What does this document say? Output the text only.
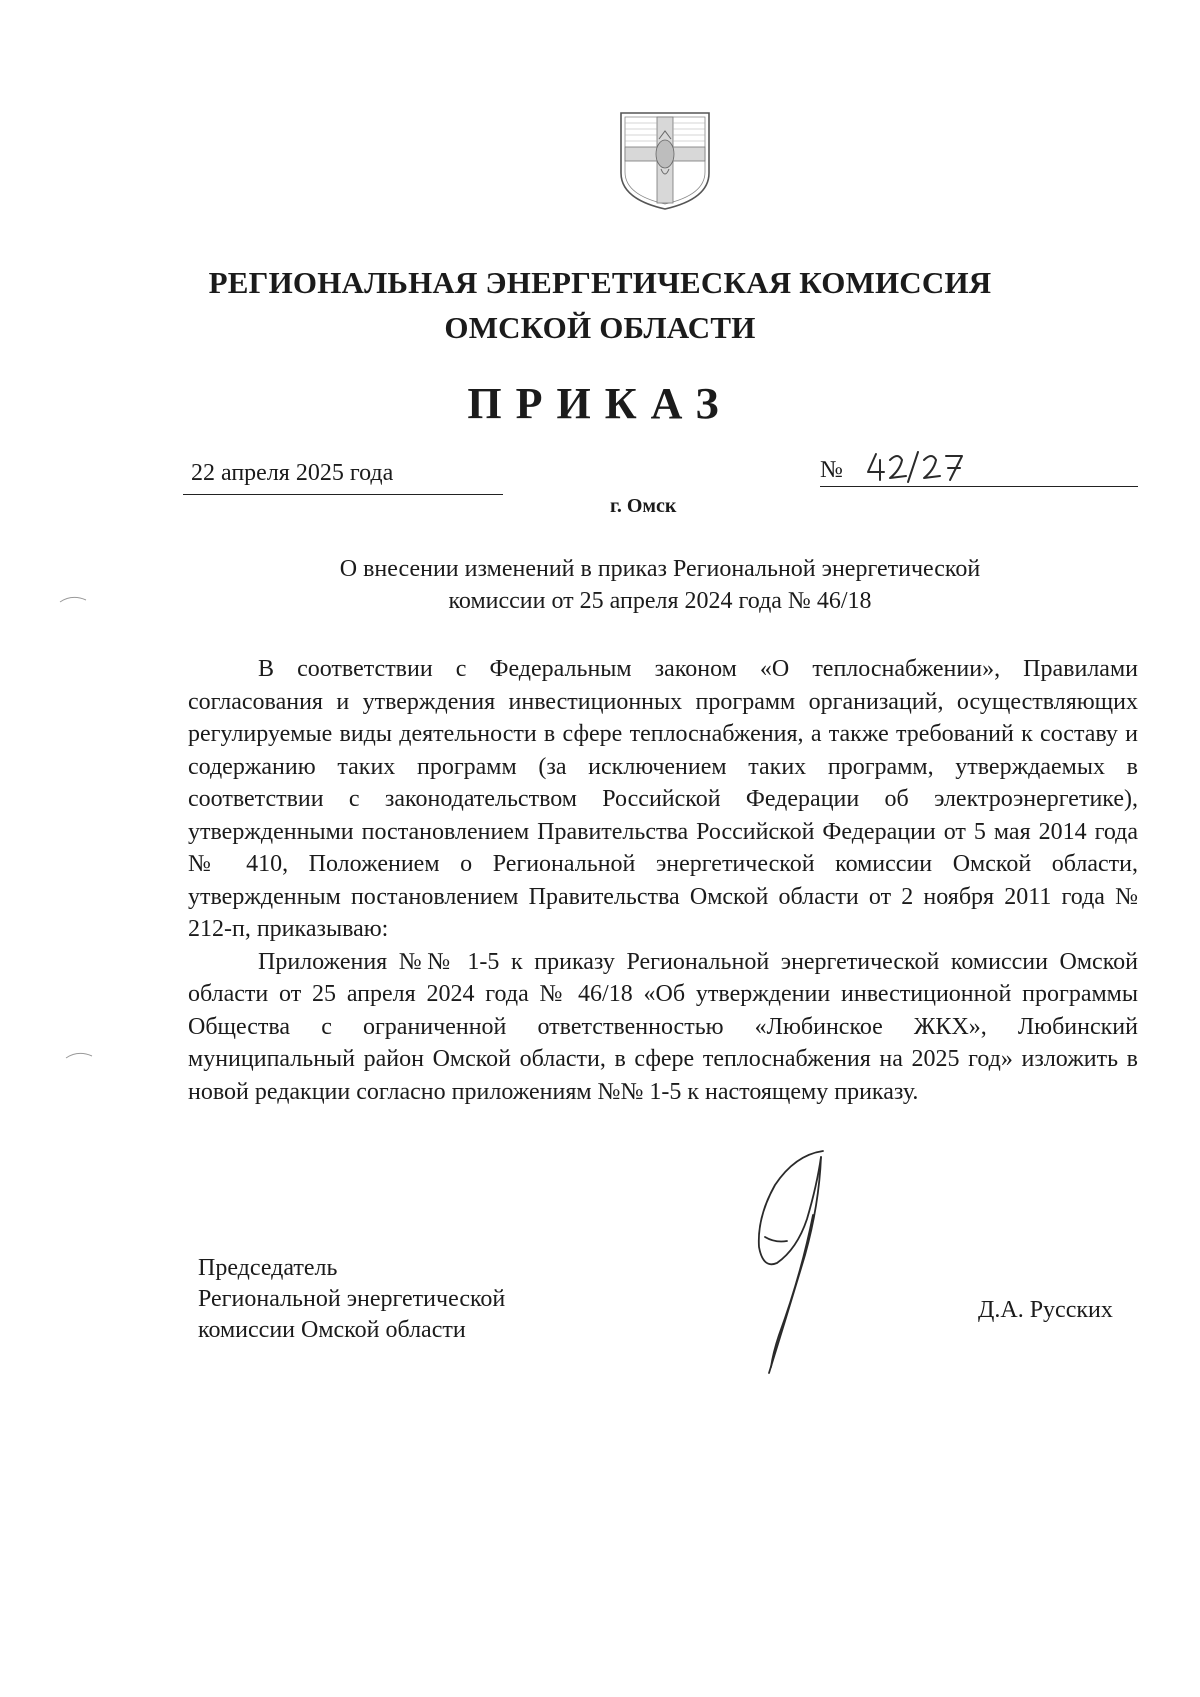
РЕГИОНАЛЬНАЯ ЭНЕРГЕТИЧЕСКАЯ КОМИССИЯ
ОМСКОЙ ОБЛАСТИ
ПРИКАЗ
22 апреля 2025 года	№
г. Омск
О внесении изменений в приказ Региональной энергетической
комиссии от 25 апреля 2024 года № 46/18

В соответствии с Федеральным законом «О теплоснабжении», Правилами согласования и утверждения инвестиционных программ организаций, осуществляющих регулируемые виды деятельности в сфере теплоснабжения, а также требований к составу и содержанию таких программ (за исключением таких программ, утверждаемых в соответствии с законодательством Российской Федерации об электроэнергетике), утвержденными постановлением Правительства Российской Федерации от 5 мая 2014 года № 410, Положением о Региональной энергетической комиссии Омской области, утвержденным постановлением Правительства Омской области от 2 ноября 2011 года № 212-п, приказываю:

Приложения №№ 1-5 к приказу Региональной энергетической комиссии Омской области от 25 апреля 2024 года № 46/18 «Об утверждении инвестиционной программы Общества с ограниченной ответственностью «Любинское ЖКХ», Любинский муниципальный район Омской области, в сфере теплоснабжения на 2025 год» изложить в новой редакции согласно приложениям №№ 1-5 к настоящему приказу.

Председатель
Региональной энергетической
комиссии Омской области
Д.А. Русских
